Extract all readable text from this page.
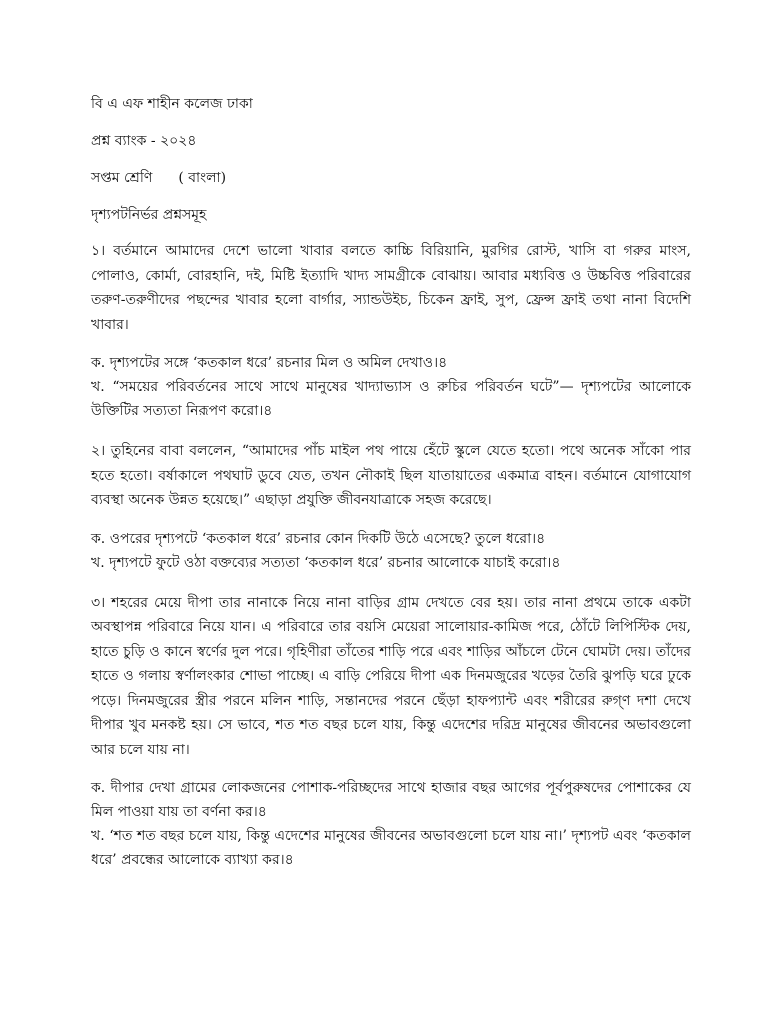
বি এ এফ শাহীন কলেজ ঢাকা

প্রশ্ন ব্যাংক - ২০২৪

সপ্তম শ্রেণি ( বাংলা)

দৃশ্যপটনির্ভর প্রশ্নসমূহ

১। বর্তমানে আমাদের দেশে ভালো খাবার বলতে কাচ্চি বিরিয়ানি, মুরগির রোস্ট, খাসি বা গরুর মাংস, পোলাও, কোর্মা, বোরহানি, দই, মিষ্টি ইত্যাদি খাদ্য সামগ্রীকে বোঝায়। আবার মধ্যবিত্ত ও উচ্চবিত্ত পরিবারের তরুণ-তরুণীদের পছন্দের খাবার হলো বার্গার, স্যান্ডউইচ, চিকেন ফ্রাই, সুপ, ফ্রেন্স ফ্রাই তথা নানা বিদেশি খাবার।

ক. দৃশ্যপটের সঙ্গে ‘কতকাল ধরে’ রচনার মিল ও অমিল দেখাও।৪

খ. “সময়ের পরিবর্তনের সাথে সাথে মানুষের খাদ্যাভ্যাস ও রুচির পরিবর্তন ঘটে”— দৃশ্যপটের আলোকে উক্তিটির সত্যতা নিরূপণ করো।৪

২। তুহিনের বাবা বললেন, “আমাদের পাঁচ মাইল পথ পায়ে হেঁটে স্কুলে যেতে হতো। পথে অনেক সাঁকো পার হতে হতো। বর্ষাকালে পথঘাট ডুবে যেত, তখন নৌকাই ছিল যাতায়াতের একমাত্র বাহন। বর্তমানে যোগাযোগ ব্যবস্থা অনেক উন্নত হয়েছে।” এছাড়া প্রযুক্তি জীবনযাত্রাকে সহজ করেছে।

ক. ওপরের দৃশ্যপটে ‘কতকাল ধরে’ রচনার কোন দিকটি উঠে এসেছে? তুলে ধরো।৪

খ. দৃশ্যপটে ফুটে ওঠা বক্তব্যের সত্যতা ‘কতকাল ধরে’ রচনার আলোকে যাচাই করো।৪

৩। শহরের মেয়ে দীপা তার নানাকে নিয়ে নানা বাড়ির গ্রাম দেখতে বের হয়। তার নানা প্রথমে তাকে একটা অবস্থাপন্ন পরিবারে নিয়ে যান। এ পরিবারে তার বয়সি মেয়েরা সালোয়ার-কামিজ পরে, ঠোঁটে লিপিস্টিক দেয়, হাতে চুড়ি ও কানে স্বর্ণের দুল পরে। গৃহিণীরা তাঁতের শাড়ি পরে এবং শাড়ির আঁচলে টেনে ঘোমটা দেয়। তাঁদের হাতে ও গলায় স্বর্ণালংকার শোভা পাচ্ছে। এ বাড়ি পেরিয়ে দীপা এক দিনমজুরের খড়ের তৈরি ঝুপড়ি ঘরে ঢুকে পড়ে। দিনমজুরের স্ত্রীর পরনে মলিন শাড়ি, সন্তানদের পরনে ছেঁড়া হাফপ্যান্ট এবং শরীরের রুগ্ণ দশা দেখে দীপার খুব মনকষ্ট হয়। সে ভাবে, শত শত বছর চলে যায়, কিন্তু এদেশের দরিদ্র মানুষের জীবনের অভাবগুলো আর চলে যায় না।

ক. দীপার দেখা গ্রামের লোকজনের পোশাক-পরিচ্ছদের সাথে হাজার বছর আগের পূর্বপুরুষদের পোশাকের যে মিল পাওয়া যায় তা বর্ণনা কর।৪

খ. ‘শত শত বছর চলে যায়, কিন্তু এদেশের মানুষের জীবনের অভাবগুলো চলে যায় না।’ দৃশ্যপট এবং ‘কতকাল ধরে’ প্রবন্ধের আলোকে ব্যাখ্যা কর।৪
